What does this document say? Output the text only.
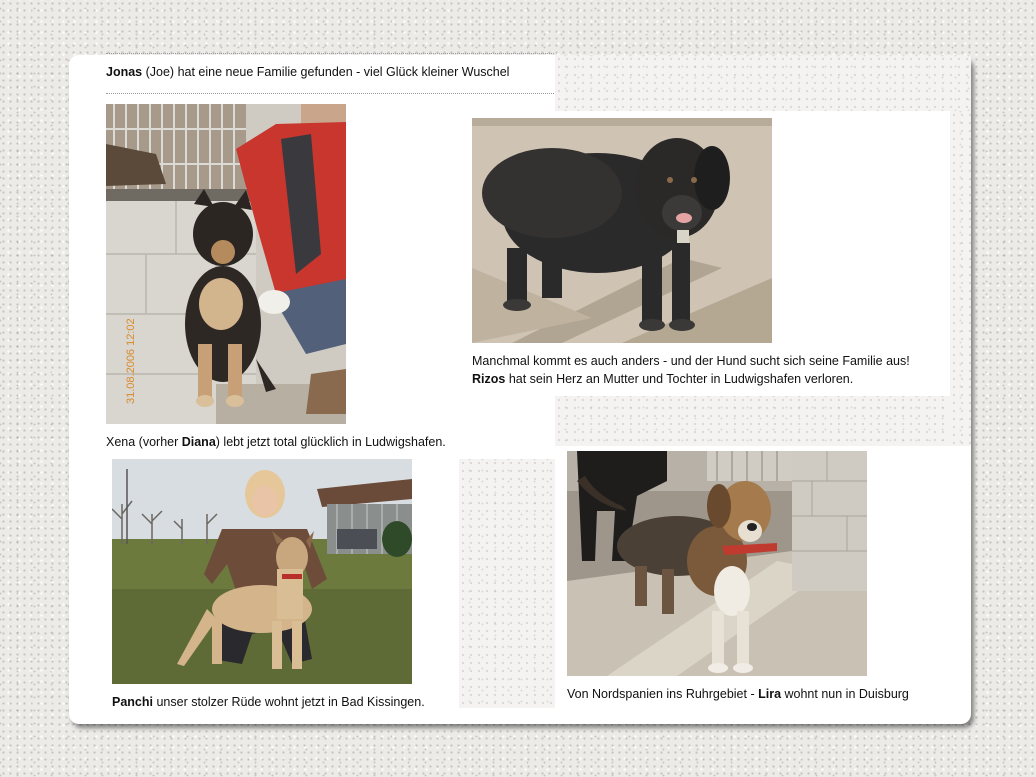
Jonas (Joe) hat eine neue Familie gefunden - viel Glück kleiner Wuschel
31.08.2006 12:02	Manchmal kommt es auch anders - und der Hund sucht sich seine Familie aus!
Rizos hat sein Herz an Mutter und Tochter in Ludwigshafen verloren.
Xena (vorher Diana) lebt jetzt total glücklich in Ludwigshafen.
Panchi unser stolzer Rüde wohnt jetzt in Bad Kissingen.
Von Nordspanien ins Ruhrgebiet - Lira wohnt nun in Duisburg
